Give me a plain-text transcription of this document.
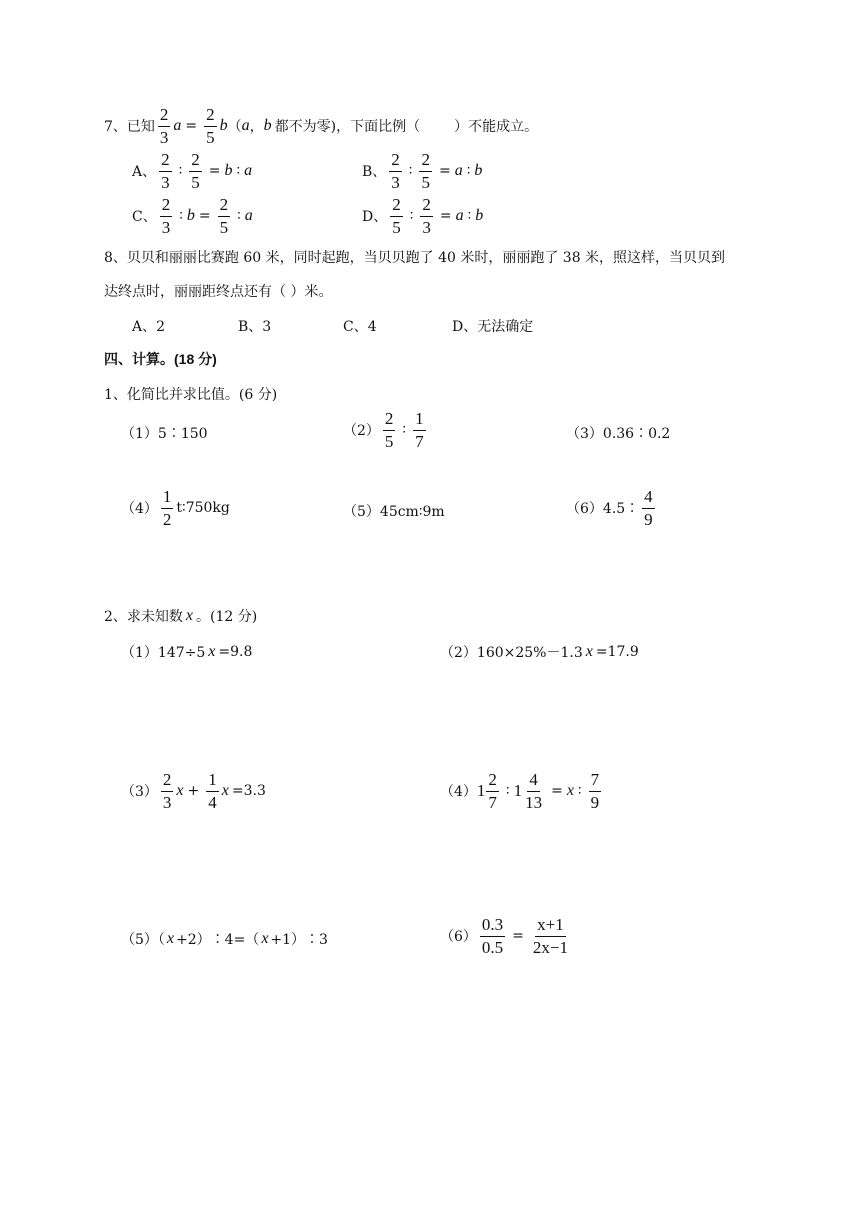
7、已知 $\frac{2}{3}$ $a = \frac{2}{5}$ b （ a ， b 都不为零)，下面比例（ ）不能成立。
A、 $\frac{2}{3}$ ∶ $\frac{2}{5} = b$ ∶ a	B、 $\frac{2}{3}$ ∶ $\frac{2}{5} = a$ ∶ b
C、 $\frac{2}{3}$ ∶ $b = \frac{2}{5}$ ∶ a	D、 $\frac{2}{5}$ ∶ $\frac{2}{3} = a$ ∶ b
8、贝贝和丽丽比赛跑 60 米，同时起跑，当贝贝跑了 40 米时，丽丽跑了 38 米，照这样，当贝贝到
达终点时，丽丽距终点还有（ ）米。
A、2	B、3	C、4	D、无法确定
四、计算。(18 分)
1、化简比并求比值。(6 分)
（1）5∶150	$(2) \frac{2}{5}$ ∶ $\frac{1}{7}$	（3）0.36∶0.2
$(4) \frac{1}{2}$ t∶750kg	（5）45cm∶9m	（6）4.5∶ $\frac{4}{9}$
2、求未知数 x 。(12 分)
（1）147÷5 x =9.8	（2）160×25%－1.3 x =17.9
$(3) \frac{2}{3}$ $x + \frac{1}{4}$ x =3.3	（4） $1 \frac{2}{7}$ ∶ $1 \frac{4}{13} = x$ ∶ $\frac{7}{9}$
（5）（ x +2）∶4=（ x +1）∶3	$(6) \frac{0.3}{0.5} = \frac{x+1}{2x-1}$
